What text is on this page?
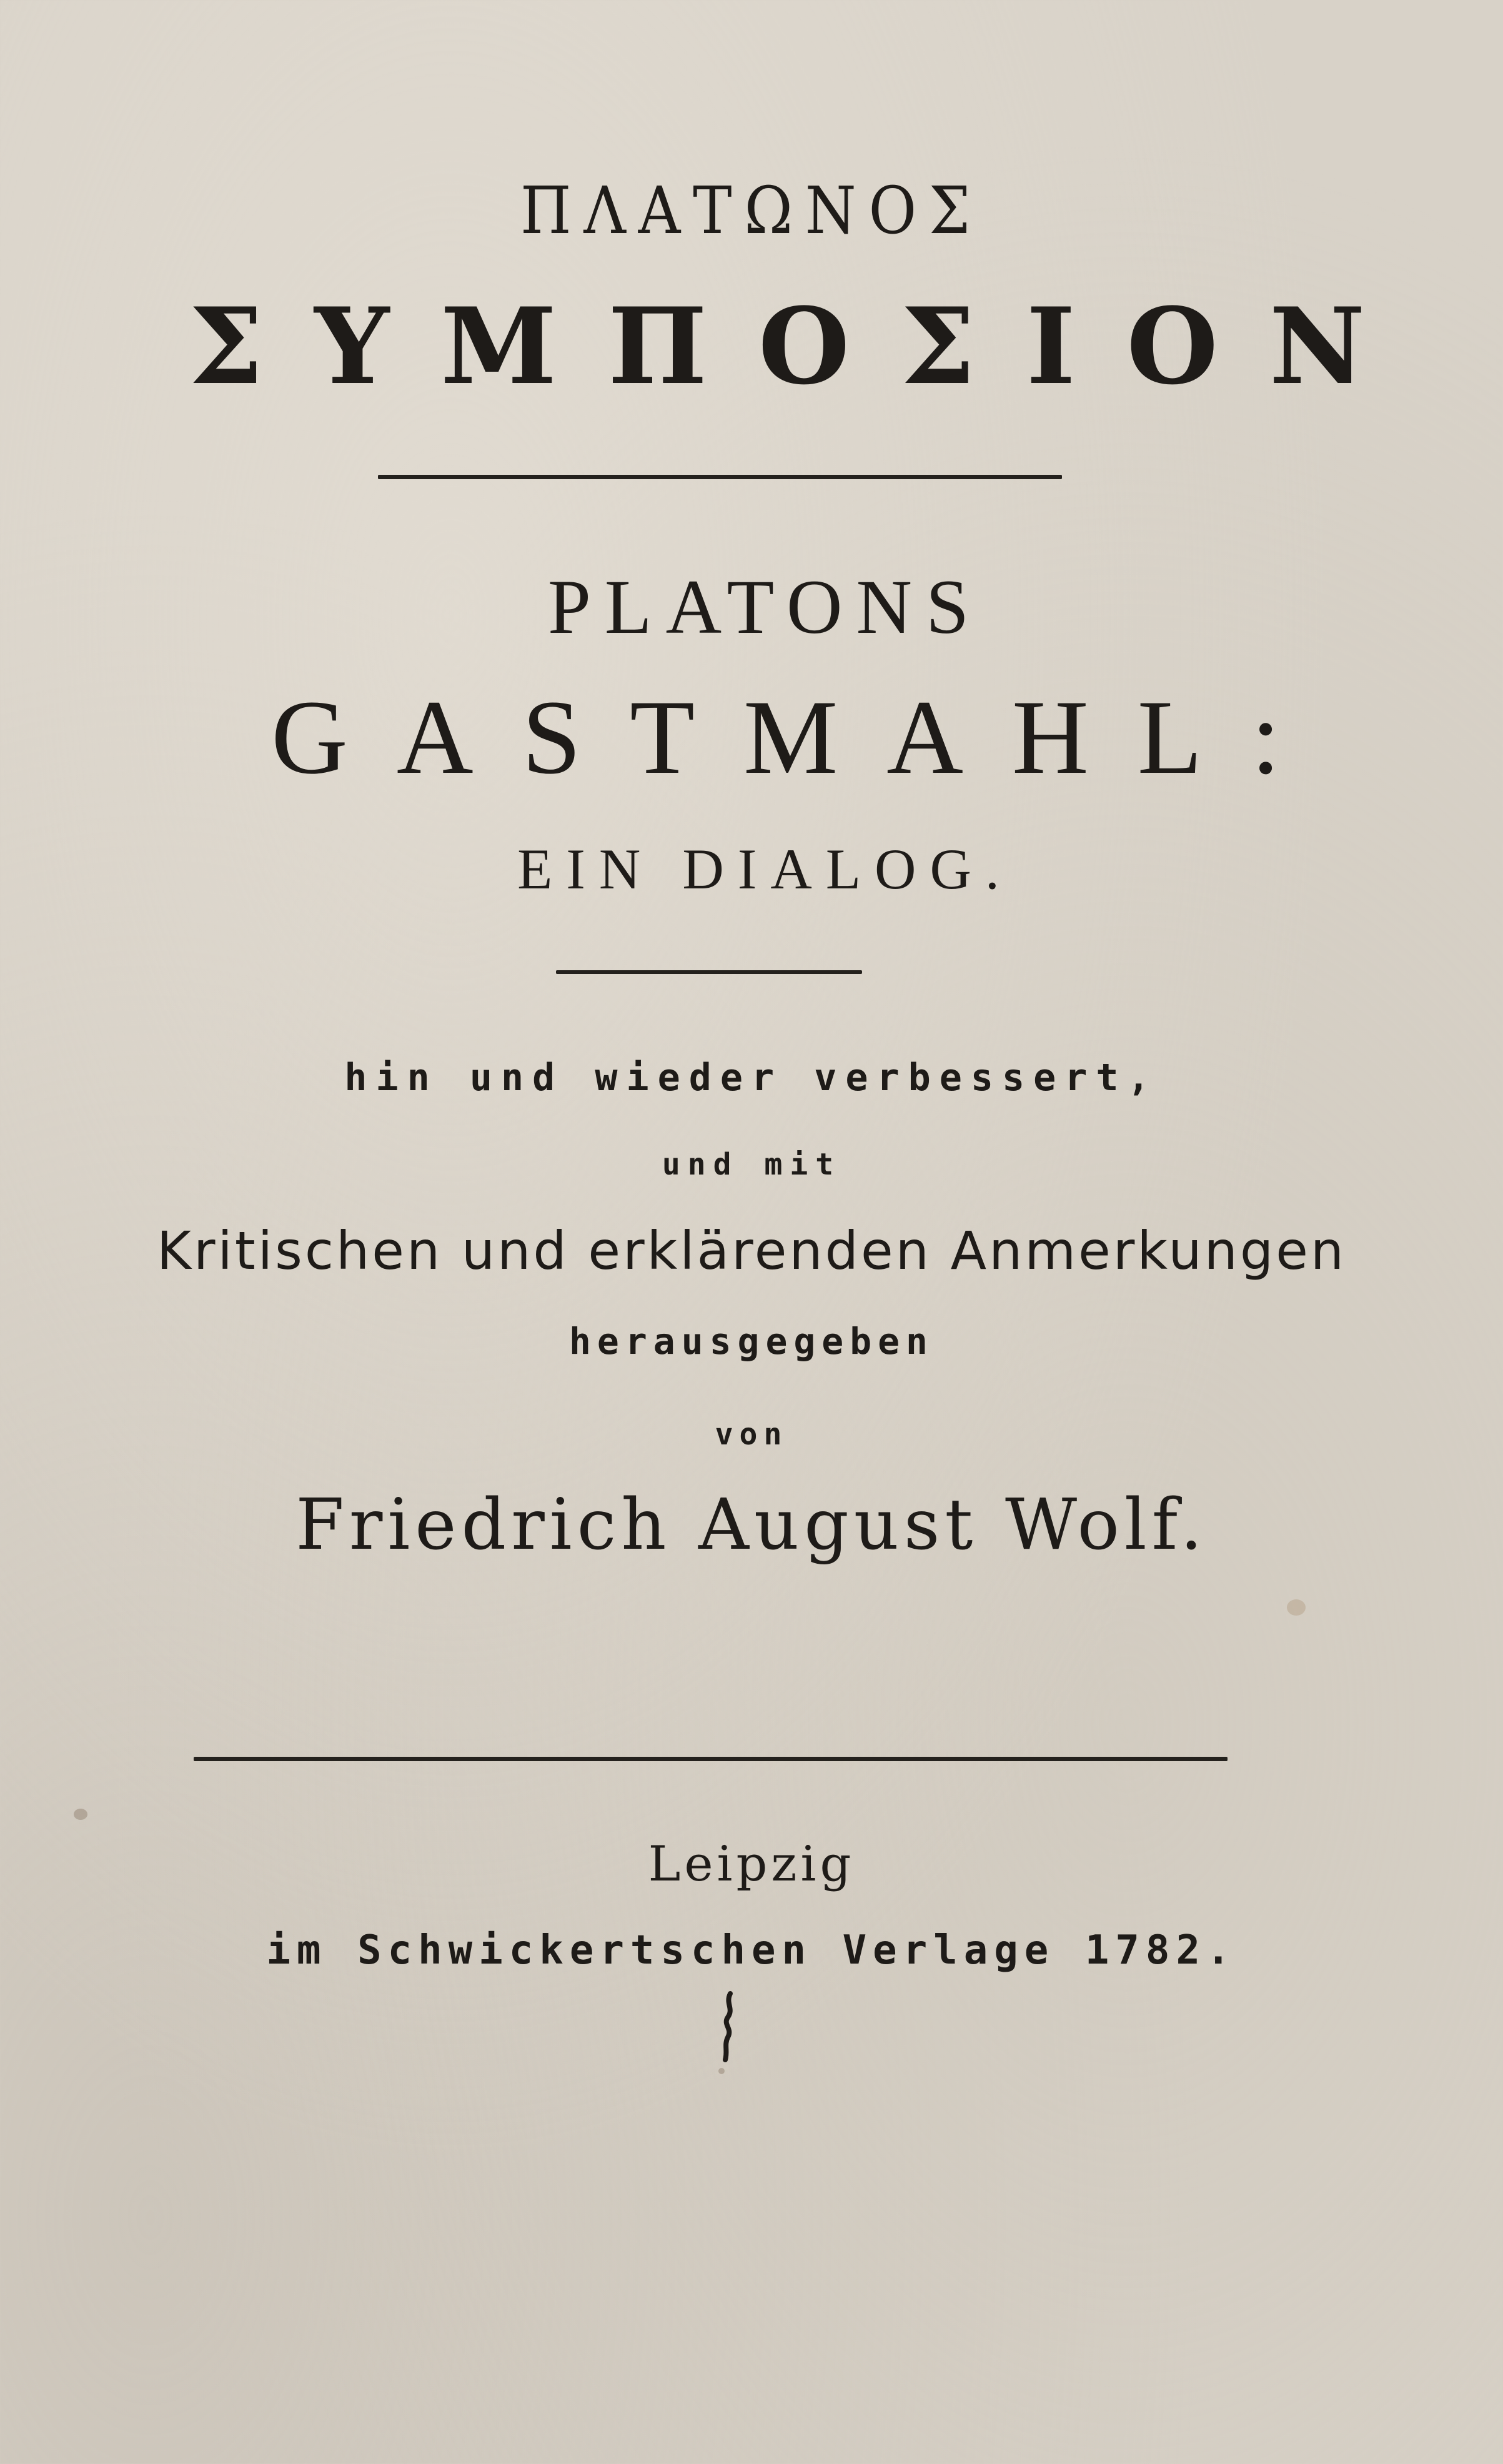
ΠΛΑΤΩΝΟΣ
ΣΥΜΠΟΣΙΟΝ
PLATONS
GASTMAHL:
EIN DIALOG.
hin und wieder verbessert,
und mit
Kritischen und erklärenden Anmerkungen
herausgegeben
von
Friedrich August Wolf.
Leipzig
im Schwickertschen Verlage 1782.
